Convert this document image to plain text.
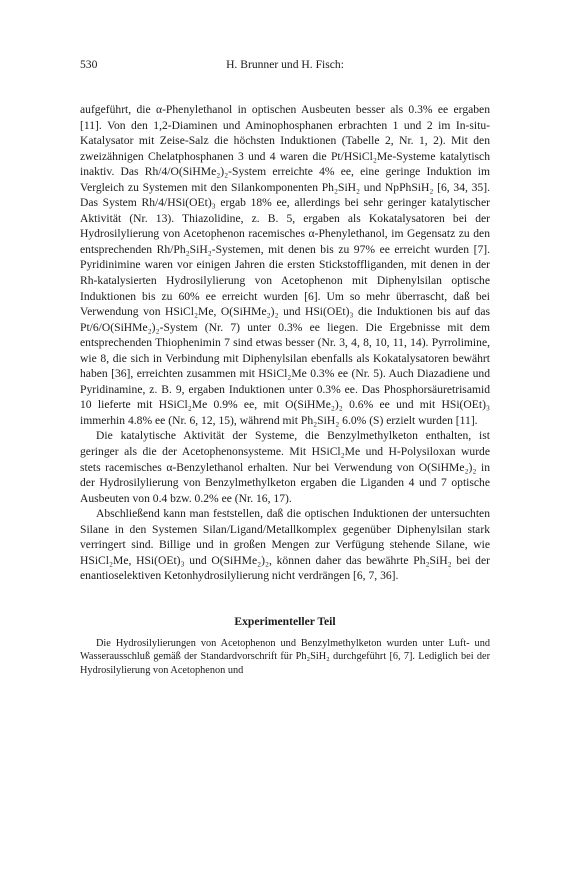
530	H. Brunner und H. Fisch:

aufgeführt, die α-Phenylethanol in optischen Ausbeuten besser als 0.3% ee ergaben [11]. Von den 1,2-Diaminen und Aminophosphanen erbrachten 1 und 2 im In-situ-Katalysator mit Zeise-Salz die höchsten Induktionen (Tabelle 2, Nr. 1, 2). Mit den zweizähnigen Chelatphosphanen 3 und 4 waren die Pt/HSiCl₂Me-Systeme katalytisch inaktiv. Das Rh/4/O(SiHMe₂)₂-System erreichte 4% ee, eine geringe Induktion im Vergleich zu Systemen mit den Silankomponenten Ph₂SiH₂ und NpPhSiH₂ [6, 34, 35]. Das System Rh/4/HSi(OEt)₃ ergab 18% ee, allerdings bei sehr geringer katalytischer Aktivität (Nr. 13). Thiazolidine, z. B. 5, ergaben als Kokatalysatoren bei der Hydrosilylierung von Acetophenon racemisches α-Phenylethanol, im Gegensatz zu den entsprechenden Rh/Ph₂SiH₂-Systemen, mit denen bis zu 97% ee erreicht wurden [7]. Pyridinimine waren vor einigen Jahren die ersten Stickstoffliganden, mit denen in der Rh-katalysierten Hydrosilylierung von Acetophenon mit Diphenylsilan optische Induktionen bis zu 60% ee erreicht wurden [6]. Um so mehr überrascht, daß bei Verwendung von HSiCl₂Me, O(SiHMe₂)₂ und HSi(OEt)₃ die Induktionen bis auf das Pt/6/O(SiHMe₂)₂-System (Nr. 7) unter 0.3% ee liegen. Die Ergebnisse mit dem entsprechenden Thiophenimin 7 sind etwas besser (Nr. 3, 4, 8, 10, 11, 14). Pyrrolimine, wie 8, die sich in Verbindung mit Diphenylsilan ebenfalls als Kokatalysatoren bewährt haben [36], erreichten zusammen mit HSiCl₂Me 0.3% ee (Nr. 5). Auch Diazadiene und Pyridinamine, z. B. 9, ergaben Induktionen unter 0.3% ee. Das Phosphorsäuretrisamid 10 lieferte mit HSiCl₂Me 0.9% ee, mit O(SiHMe₂)₂ 0.6% ee und mit HSi(OEt)₃ immerhin 4.8% ee (Nr. 6, 12, 15), während mit Ph₂SiH₂ 6.0% (S) erzielt wurden [11].

Die katalytische Aktivität der Systeme, die Benzylmethylketon enthalten, ist geringer als die der Acetophenonsysteme. Mit HSiCl₂Me und H-Polysiloxan wurde stets racemisches α-Benzylethanol erhalten. Nur bei Verwendung von O(SiHMe₂)₂ in der Hydrosilylierung von Benzylmethylketon ergaben die Liganden 4 und 7 optische Ausbeuten von 0.4 bzw. 0.2% ee (Nr. 16, 17).

Abschließend kann man feststellen, daß die optischen Induktionen der untersuchten Silane in den Systemen Silan/Ligand/Metallkomplex gegenüber Diphenylsilan stark verringert sind. Billige und in großen Mengen zur Verfügung stehende Silane, wie HSiCl₂Me, HSi(OEt)₃ und O(SiHMe₂)₂, können daher das bewährte Ph₂SiH₂ bei der enantioselektiven Ketonhydrosilylierung nicht verdrängen [6, 7, 36].

Experimenteller Teil

Die Hydrosilylierungen von Acetophenon und Benzylmethylketon wurden unter Luft- und Wasserausschluß gemäß der Standardvorschrift für Ph₂SiH₂ durchgeführt [6, 7]. Lediglich bei der Hydrosilylierung von Acetophenon und
